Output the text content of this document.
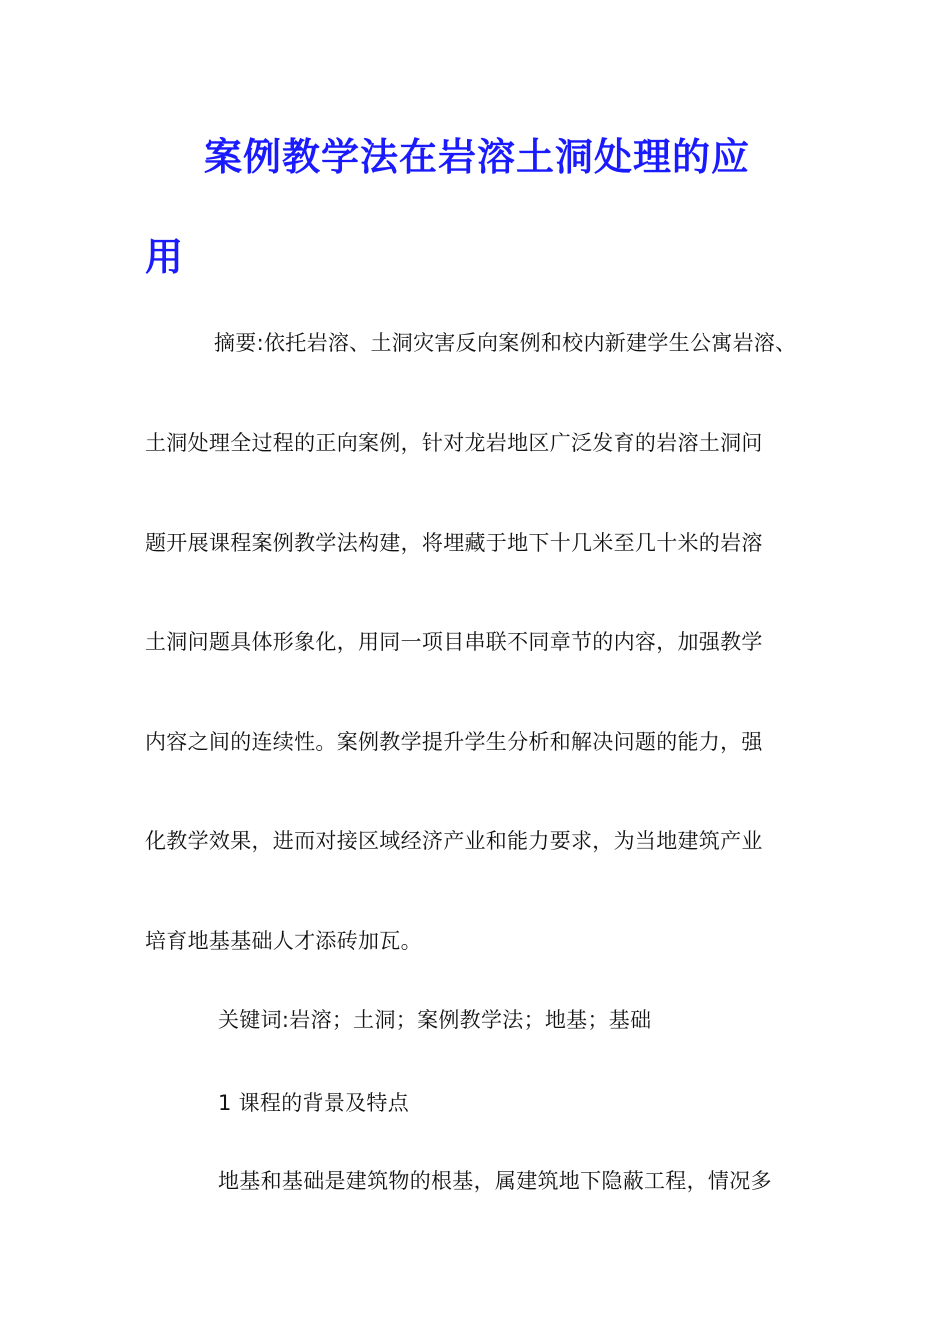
案例教学法在岩溶土洞处理的应
用
摘要:依托岩溶、土洞灾害反向案例和校内新建学生公寓岩溶、
土洞处理全过程的正向案例，针对龙岩地区广泛发育的岩溶土洞问
题开展课程案例教学法构建，将埋藏于地下十几米至几十米的岩溶
土洞问题具体形象化，用同一项目串联不同章节的内容，加强教学
内容之间的连续性。案例教学提升学生分析和解决问题的能力，强
化教学效果，进而对接区域经济产业和能力要求，为当地建筑产业
培育地基基础人才添砖加瓦。
关键词:岩溶；土洞；案例教学法；地基；基础
1 课程的背景及特点
地基和基础是建筑物的根基，属建筑地下隐蔽工程，情况多
